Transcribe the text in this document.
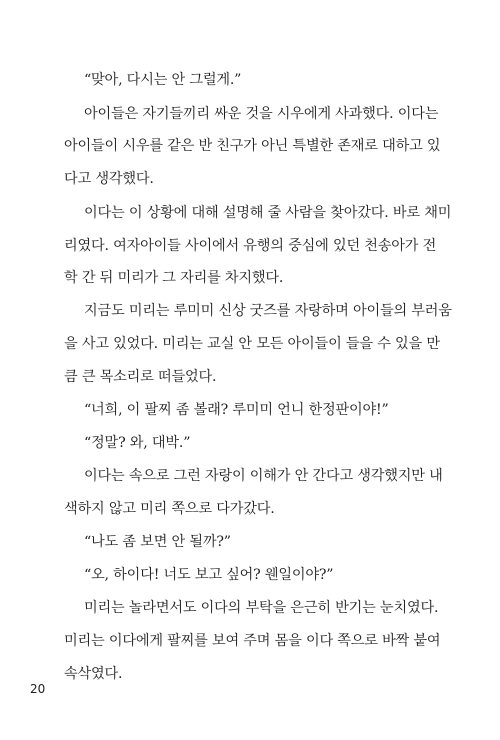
“맞아, 다시는 안 그럴게.”
아이들은 자기들끼리 싸운 것을 시우에게 사과했다. 이다는
아이들이 시우를 같은 반 친구가 아닌 특별한 존재로 대하고 있
다고 생각했다.
이다는 이 상황에 대해 설명해 줄 사람을 찾아갔다. 바로 채미
리였다. 여자아이들 사이에서 유행의 중심에 있던 천송아가 전
학 간 뒤 미리가 그 자리를 차지했다.
지금도 미리는 루미미 신상 굿즈를 자랑하며 아이들의 부러움
을 사고 있었다. 미리는 교실 안 모든 아이들이 들을 수 있을 만
큼 큰 목소리로 떠들었다.
“너희, 이 팔찌 좀 볼래? 루미미 언니 한정판이야!”
“정말? 와, 대박.”
이다는 속으로 그런 자랑이 이해가 안 간다고 생각했지만 내
색하지 않고 미리 쪽으로 다가갔다.
“나도 좀 보면 안 될까?”
“오, 하이다! 너도 보고 싶어? 웬일이야?”
미리는 놀라면서도 이다의 부탁을 은근히 반기는 눈치였다.
미리는 이다에게 팔찌를 보여 주며 몸을 이다 쪽으로 바짝 붙여
속삭였다.
20
